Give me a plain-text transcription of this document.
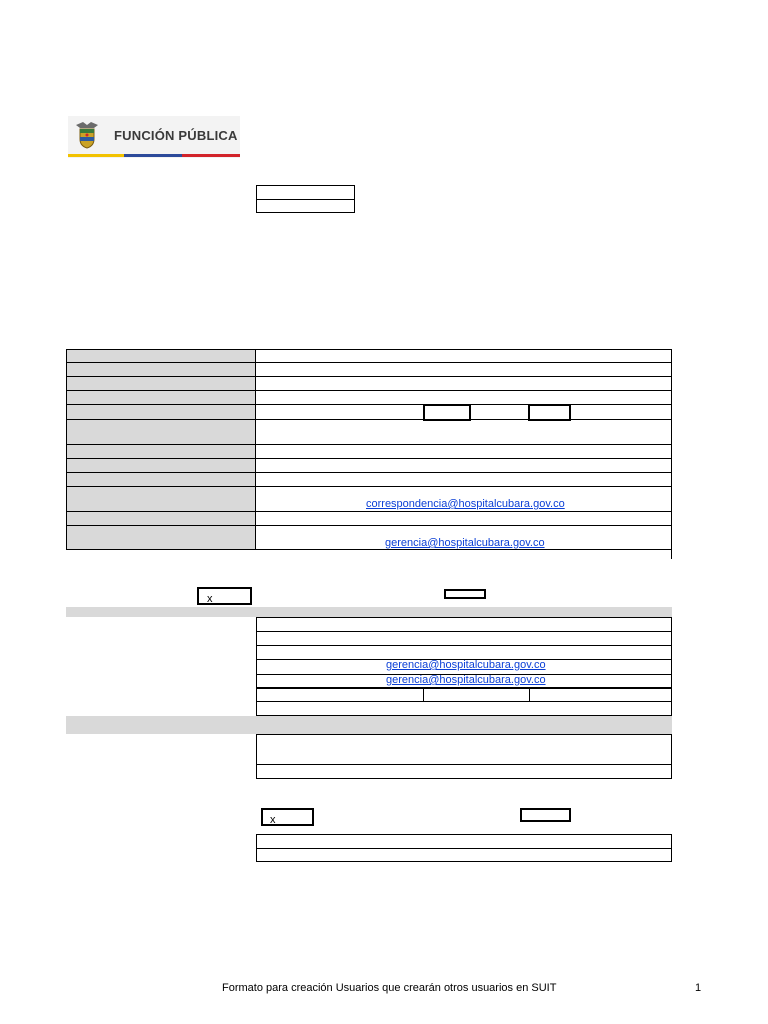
FUNCIÓN PÚBLICA
correspondencia@hospitalcubara.gov.co
gerencia@hospitalcubara.gov.co
x
gerencia@hospitalcubara.gov.co
gerencia@hospitalcubara.gov.co
x
Formato para creación Usuarios que crearán otros usuarios en SUIT	1
